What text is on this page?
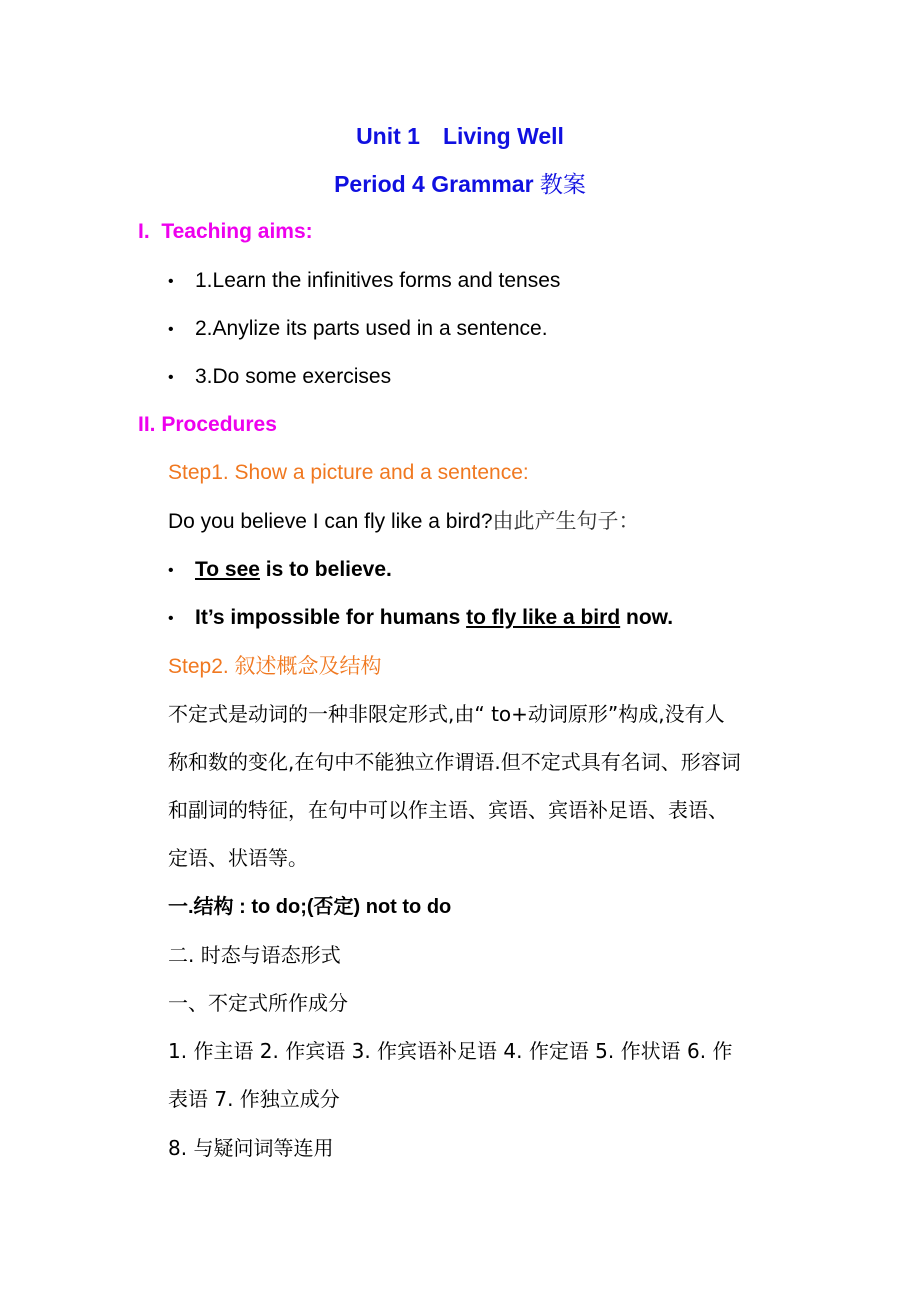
Unit 1　Living Well
Period 4 Grammar 教案
I.  Teaching aims:
• 1.Learn the infinitives forms and tenses
• 2.Anylize its parts used in a sentence.
• 3.Do some exercises
II. Procedures
Step1. Show a picture and a sentence:
Do you believe I can fly like a bird?由此产生句子：
• To see is to believe.
• It’s impossible for humans to fly like a bird now.
Step2. 叙述概念及结构
不定式是动词的一种非限定形式,由“ to+动词原形”构成,没有人
称和数的变化,在句中不能独立作谓语.但不定式具有名词、形容词
和副词的特征，在句中可以作主语、宾语、宾语补足语、表语、
定语、状语等。
一.结构 : to do;(否定) not to do
二. 时态与语态形式
一、不定式所作成分
1. 作主语 2. 作宾语 3. 作宾语补足语 4. 作定语 5. 作状语 6. 作
表语 7. 作独立成分
8. 与疑问词等连用
